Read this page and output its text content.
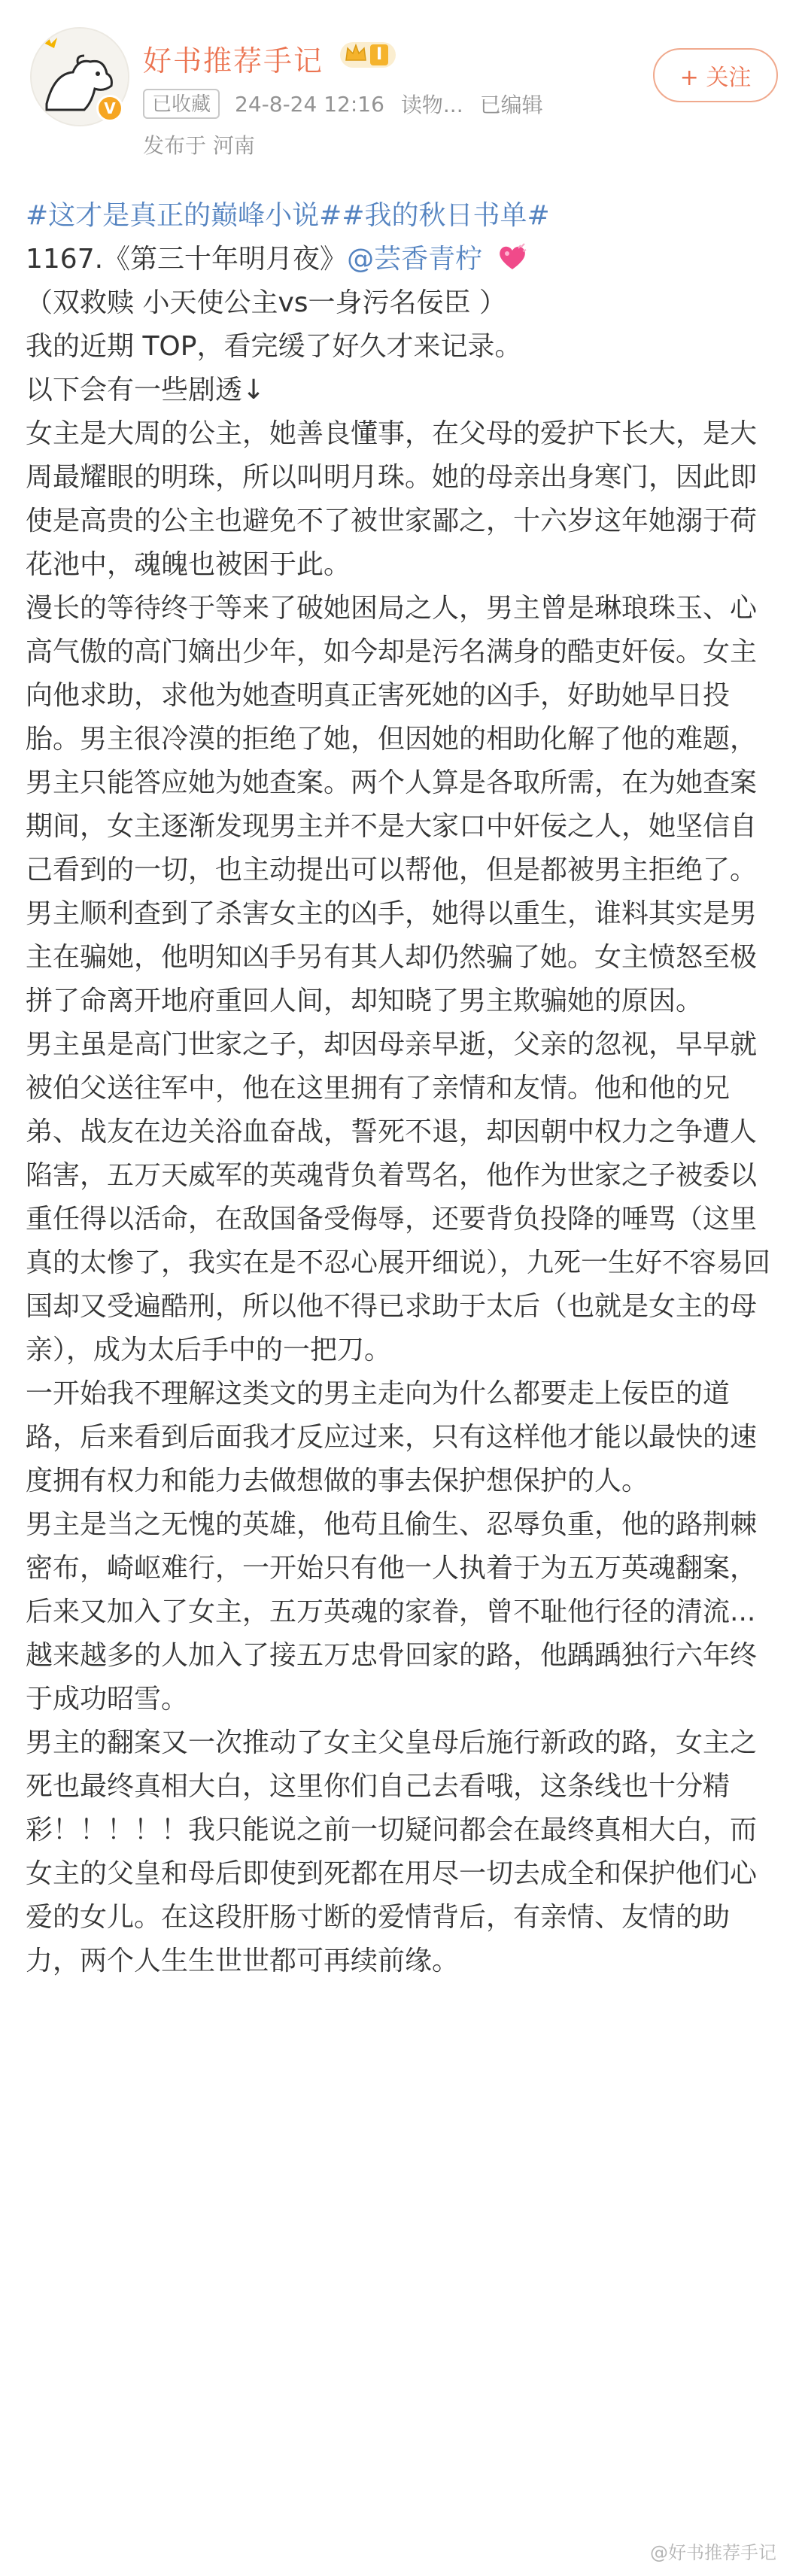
V
好书推荐手记	I
+ 关注
已收藏	24-8-24 12:16 读物... 已编辑
发布于 河南

#这才是真正的巅峰小说##我的秋日书单#

1167.《第三十年明月夜》@芸香青柠

（双救赎 小天使公主vs一身污名佞臣 ）

我的近期 TOP，看完缓了好久才来记录。

以下会有一些剧透↓

女主是大周的公主，她善良懂事，在父母的爱护下长大，是大周最耀眼的明珠，所以叫明月珠。她的母亲出身寒门，因此即使是高贵的公主也避免不了被世家鄙之，十六岁这年她溺于荷花池中，魂魄也被困于此。

漫长的等待终于等来了破她困局之人，男主曾是琳琅珠玉、心高气傲的高门嫡出少年，如今却是污名满身的酷吏奸佞。女主向他求助，求他为她查明真正害死她的凶手，好助她早日投胎。男主很冷漠的拒绝了她，但因她的相助化解了他的难题，男主只能答应她为她查案。两个人算是各取所需，在为她查案期间，女主逐渐发现男主并不是大家口中奸佞之人，她坚信自己看到的一切，也主动提出可以帮他，但是都被男主拒绝了。男主顺利查到了杀害女主的凶手，她得以重生，谁料其实是男主在骗她，他明知凶手另有其人却仍然骗了她。女主愤怒至极拼了命离开地府重回人间，却知晓了男主欺骗她的原因。

男主虽是高门世家之子，却因母亲早逝，父亲的忽视，早早就被伯父送往军中，他在这里拥有了亲情和友情。他和他的兄弟、战友在边关浴血奋战，誓死不退，却因朝中权力之争遭人陷害，五万天威军的英魂背负着骂名，他作为世家之子被委以重任得以活命，在敌国备受侮辱，还要背负投降的唾骂（这里真的太惨了，我实在是不忍心展开细说），九死一生好不容易回国却又受遍酷刑，所以他不得已求助于太后（也就是女主的母亲），成为太后手中的一把刀。

一开始我不理解这类文的男主走向为什么都要走上佞臣的道路，后来看到后面我才反应过来，只有这样他才能以最快的速度拥有权力和能力去做想做的事去保护想保护的人。

男主是当之无愧的英雄，他苟且偷生、忍辱负重，他的路荆棘密布，崎岖难行，一开始只有他一人执着于为五万英魂翻案，后来又加入了女主，五万英魂的家眷，曾不耻他行径的清流...越来越多的人加入了接五万忠骨回家的路，他踽踽独行六年终于成功昭雪。

男主的翻案又一次推动了女主父皇母后施行新政的路，女主之死也最终真相大白，这里你们自己去看哦，这条线也十分精彩！！！！！我只能说之前一切疑问都会在最终真相大白，而女主的父皇和母后即使到死都在用尽一切去成全和保护他们心爱的女儿。在这段肝肠寸断的爱情背后，有亲情、友情的助力，两个人生生世世都可再续前缘。

@好书推荐手记
